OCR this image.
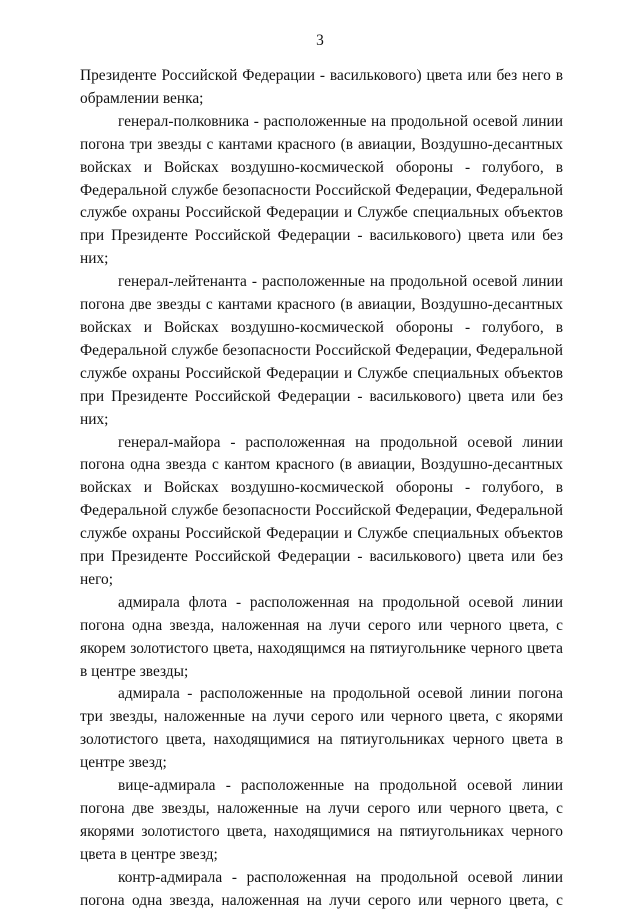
3

Президенте Российской Федерации - василькового) цвета или без него в обрамлении венка;

генерал-полковника - расположенные на продольной осевой линии погона три звезды с кантами красного (в авиации, Воздушно-десантных войсках и Войсках воздушно-космической обороны - голубого, в Федеральной службе безопасности Российской Федерации, Федеральной службе охраны Российской Федерации и Службе специальных объектов при Президенте Российской Федерации - василькового) цвета или без них;

генерал-лейтенанта - расположенные на продольной осевой линии погона две звезды с кантами красного (в авиации, Воздушно-десантных войсках и Войсках воздушно-космической обороны - голубого, в Федеральной службе безопасности Российской Федерации, Федеральной службе охраны Российской Федерации и Службе специальных объектов при Президенте Российской Федерации - василькового) цвета или без них;

генерал-майора - расположенная на продольной осевой линии погона одна звезда с кантом красного (в авиации, Воздушно-десантных войсках и Войсках воздушно-космической обороны - голубого, в Федеральной службе безопасности Российской Федерации, Федеральной службе охраны Российской Федерации и Службе специальных объектов при Президенте Российской Федерации - василькового) цвета или без него;

адмирала флота - расположенная на продольной осевой линии погона одна звезда, наложенная на лучи серого или черного цвета, с якорем золотистого цвета, находящимся на пятиугольнике черного цвета в центре звезды;

адмирала - расположенные на продольной осевой линии погона три звезды, наложенные на лучи серого или черного цвета, с якорями золотистого цвета, находящимися на пятиугольниках черного цвета в центре звезд;

вице-адмирала - расположенные на продольной осевой линии погона две звезды, наложенные на лучи серого или черного цвета, с якорями золотистого цвета, находящимися на пятиугольниках черного цвета в центре звезд;

контр-адмирала - расположенная на продольной осевой линии погона одна звезда, наложенная на лучи серого или черного цвета, с
